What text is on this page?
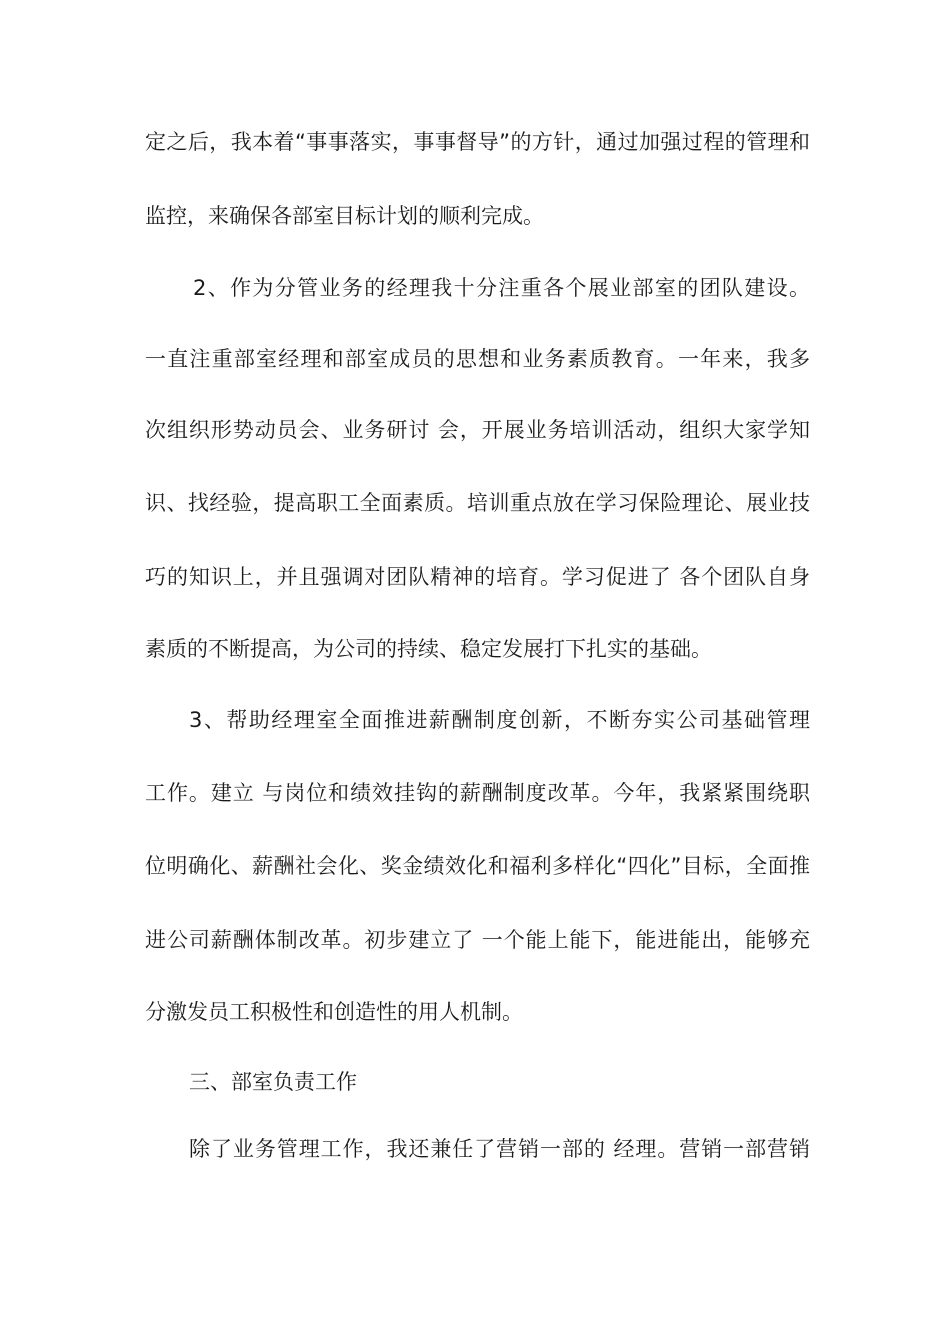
定之后，我本着“事事落实，事事督导”的方针，通过加强过程的管理和
监控，来确保各部室目标计划的顺利完成。
2、作为分管业务的经理我十分注重各个展业部室的团队建设。
一直注重部室经理和部室成员的思想和业务素质教育。一年来，我多
次组织形势动员会、业务研讨 会，开展业务培训活动，组织大家学知
识、找经验，提高职工全面素质。培训重点放在学习保险理论、展业技
巧的知识上，并且强调对团队精神的培育。学习促进了 各个团队自身
素质的不断提高，为公司的持续、稳定发展打下扎实的基础。
3、帮助经理室全面推进薪酬制度创新，不断夯实公司基础管理
工作。建立 与岗位和绩效挂钩的薪酬制度改革。今年，我紧紧围绕职
位明确化、薪酬社会化、奖金绩效化和福利多样化“四化”目标，全面推
进公司薪酬体制改革。初步建立了 一个能上能下，能进能出，能够充
分激发员工积极性和创造性的用人机制。
三、部室负责工作
除了业务管理工作，我还兼任了营销一部的 经理。营销一部营销
